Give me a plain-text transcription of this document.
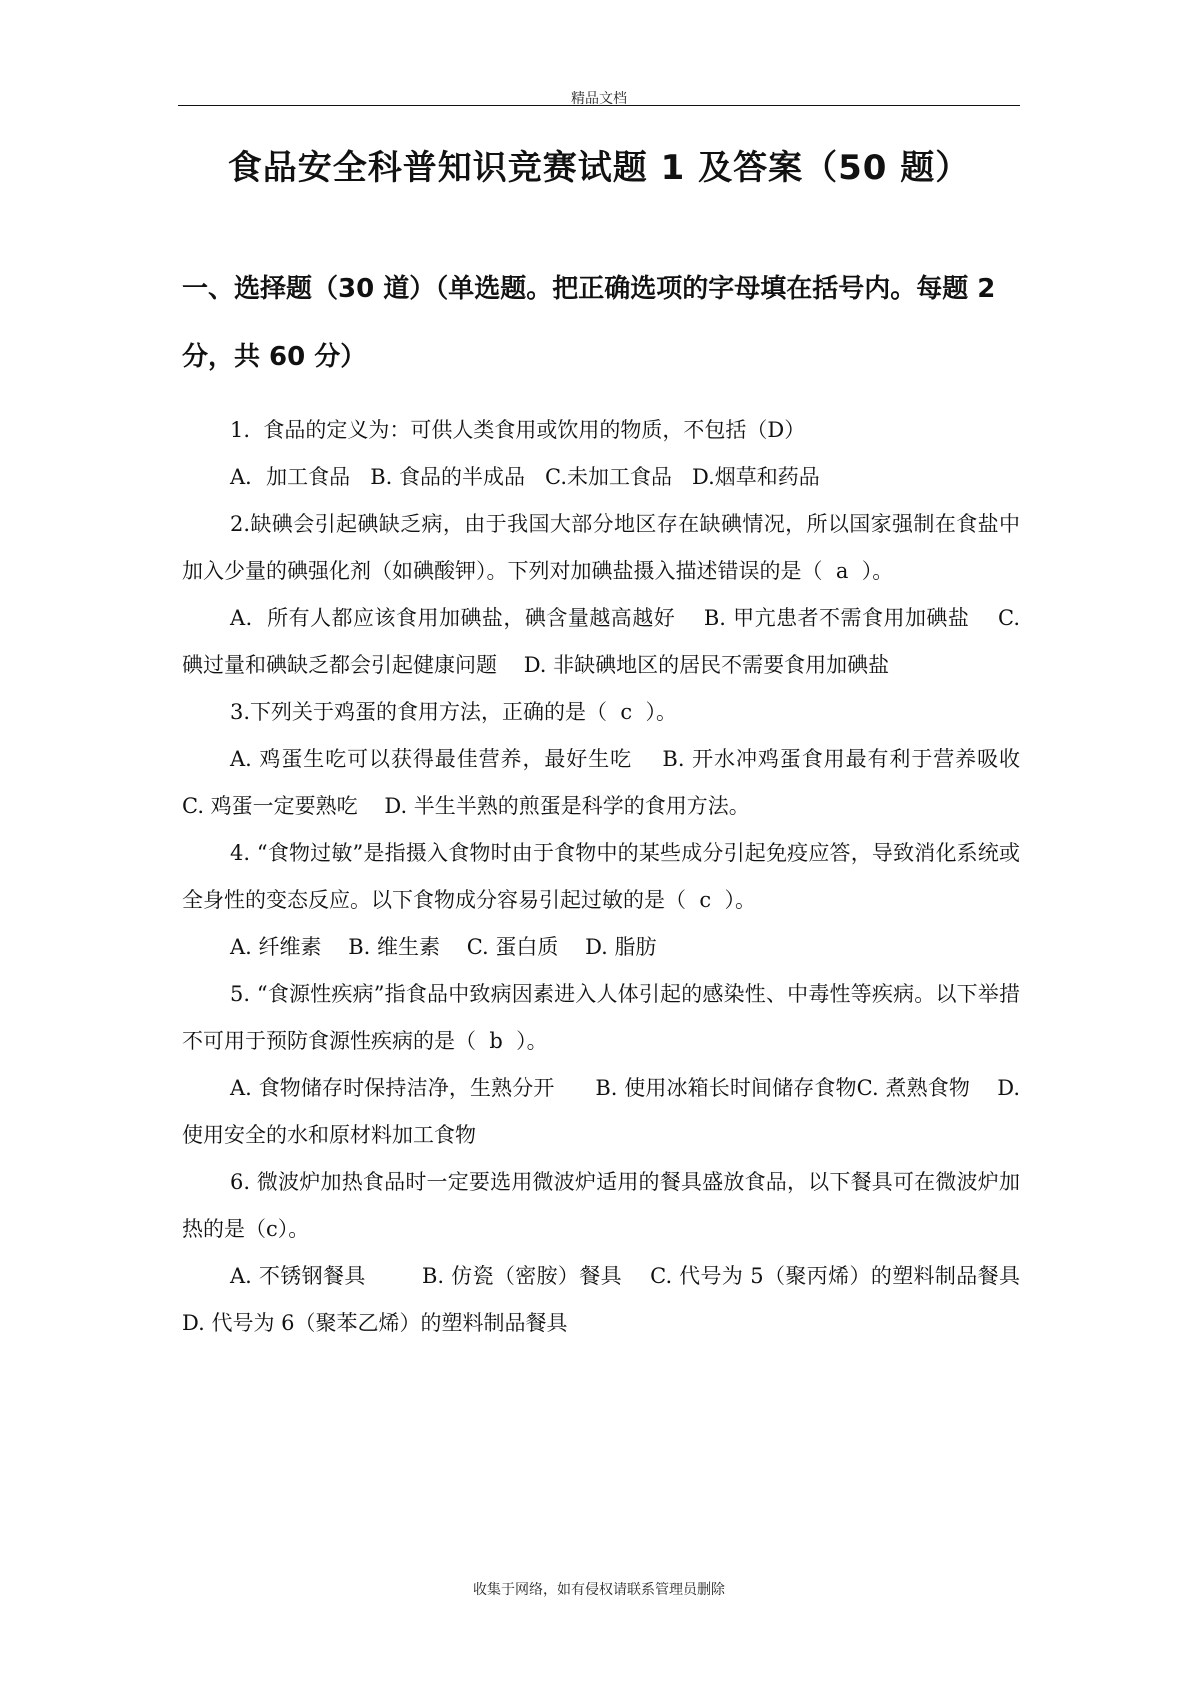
精品文档
食品安全科普知识竞赛试题 1 及答案（50 题）
一、选择题（30 道）（单选题。把正确选项的字母填在括号内。每题 2 分，共 60 分）

1.  食品的定义为：可供人类食用或饮用的物质，不包括（D）

A．加工食品   B. 食品的半成品   C.未加工食品   D.烟草和药品

2.缺碘会引起碘缺乏病，由于我国大部分地区存在缺碘情况，所以国家强制在食盐中加入少量的碘强化剂（如碘酸钾）。下列对加碘盐摄入描述错误的是（  a  ）。

A．所有人都应该食用加碘盐，碘含量越高越好    B. 甲亢患者不需食用加碘盐    C. 碘过量和碘缺乏都会引起健康问题    D. 非缺碘地区的居民不需要食用加碘盐

3.下列关于鸡蛋的食用方法，正确的是（  c  ）。

A. 鸡蛋生吃可以获得最佳营养，最好生吃    B. 开水冲鸡蛋食用最有利于营养吸收    C. 鸡蛋一定要熟吃    D. 半生半熟的煎蛋是科学的食用方法。

4. “食物过敏”是指摄入食物时由于食物中的某些成分引起免疫应答，导致消化系统或全身性的变态反应。以下食物成分容易引起过敏的是（  c  ）。

A. 纤维素    B. 维生素    C. 蛋白质    D. 脂肪

5. “食源性疾病”指食品中致病因素进入人体引起的感染性、中毒性等疾病。以下举措不可用于预防食源性疾病的是（  b  ）。

A. 食物储存时保持洁净，生熟分开      B. 使用冰箱长时间储存食物C. 煮熟食物    D. 使用安全的水和原材料加工食物

6. 微波炉加热食品时一定要选用微波炉适用的餐具盛放食品，以下餐具可在微波炉加热的是（c）。

A. 不锈钢餐具        B. 仿瓷（密胺）餐具    C. 代号为 5（聚丙烯）的塑料制品餐具  D. 代号为 6（聚苯乙烯）的塑料制品餐具

收集于网络，如有侵权请联系管理员删除
